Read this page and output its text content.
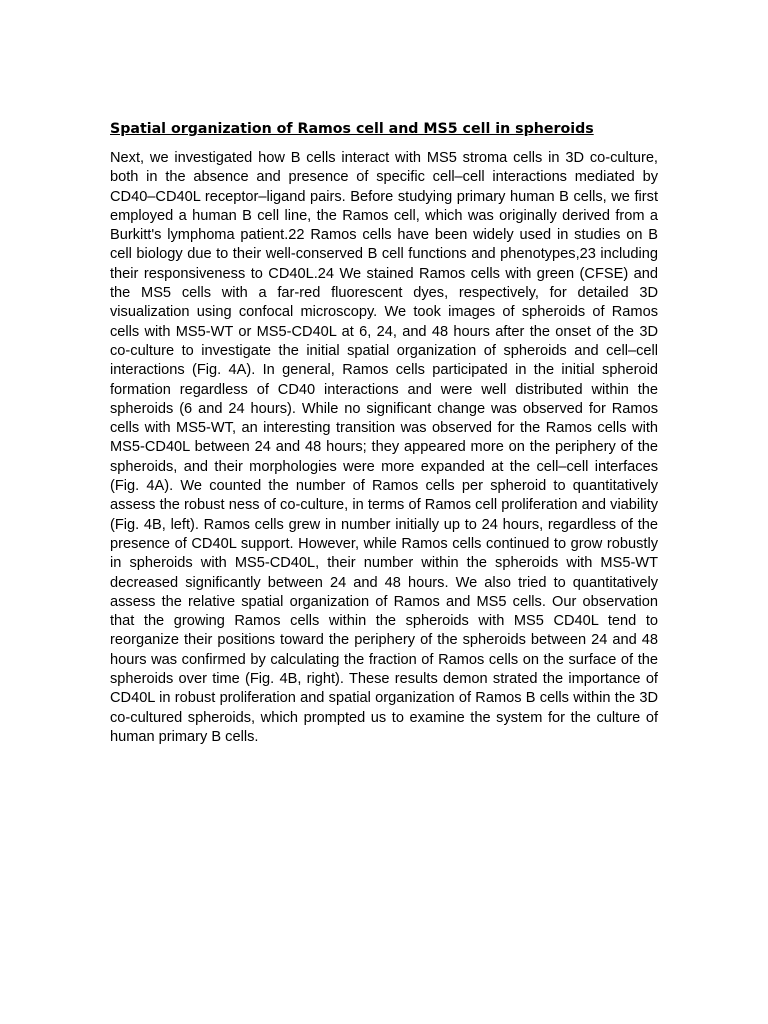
Spatial organization of Ramos cell and MS5 cell in spheroids

Next, we investigated how B cells interact with MS5 stroma cells in 3D co-culture, both in the absence and presence of specific cell–cell interactions mediated by CD40–CD40L receptor–ligand pairs. Before studying primary human B cells, we first employed a human B cell line, the Ramos cell, which was originally derived from a Burkitt's lymphoma patient.22 Ramos cells have been widely used in studies on B cell biology due to their well-conserved B cell functions and phenotypes,23 including their responsiveness to CD40L.24 We stained Ramos cells with green (CFSE) and the MS5 cells with a far-red fluorescent dyes, respectively, for detailed 3D visualization using confocal microscopy. We took images of spheroids of Ramos cells with MS5-WT or MS5-CD40L at 6, 24, and 48 hours after the onset of the 3D co-culture to investigate the initial spatial organization of spheroids and cell–cell interactions (Fig. 4A). In general, Ramos cells participated in the initial spheroid formation regardless of CD40 interactions and were well distributed within the spheroids (6 and 24 hours). While no significant change was observed for Ramos cells with MS5-WT, an interesting transition was observed for the Ramos cells with MS5-CD40L between 24 and 48 hours; they appeared more on the periphery of the spheroids, and their morphologies were more expanded at the cell–cell interfaces (Fig. 4A). We counted the number of Ramos cells per spheroid to quantitatively assess the robust ness of co-culture, in terms of Ramos cell proliferation and viability (Fig. 4B, left). Ramos cells grew in number initially up to 24 hours, regardless of the presence of CD40L support. However, while Ramos cells continued to grow robustly in spheroids with MS5-CD40L, their number within the spheroids with MS5-WT decreased significantly between 24 and 48 hours. We also tried to quantitatively assess the relative spatial organization of Ramos and MS5 cells. Our observation that the growing Ramos cells within the spheroids with MS5 CD40L tend to reorganize their positions toward the periphery of the spheroids between 24 and 48 hours was confirmed by calculating the fraction of Ramos cells on the surface of the spheroids over time (Fig. 4B, right). These results demon strated the importance of CD40L in robust proliferation and spatial organization of Ramos B cells within the 3D co-cultured spheroids, which prompted us to examine the system for the culture of human primary B cells.
